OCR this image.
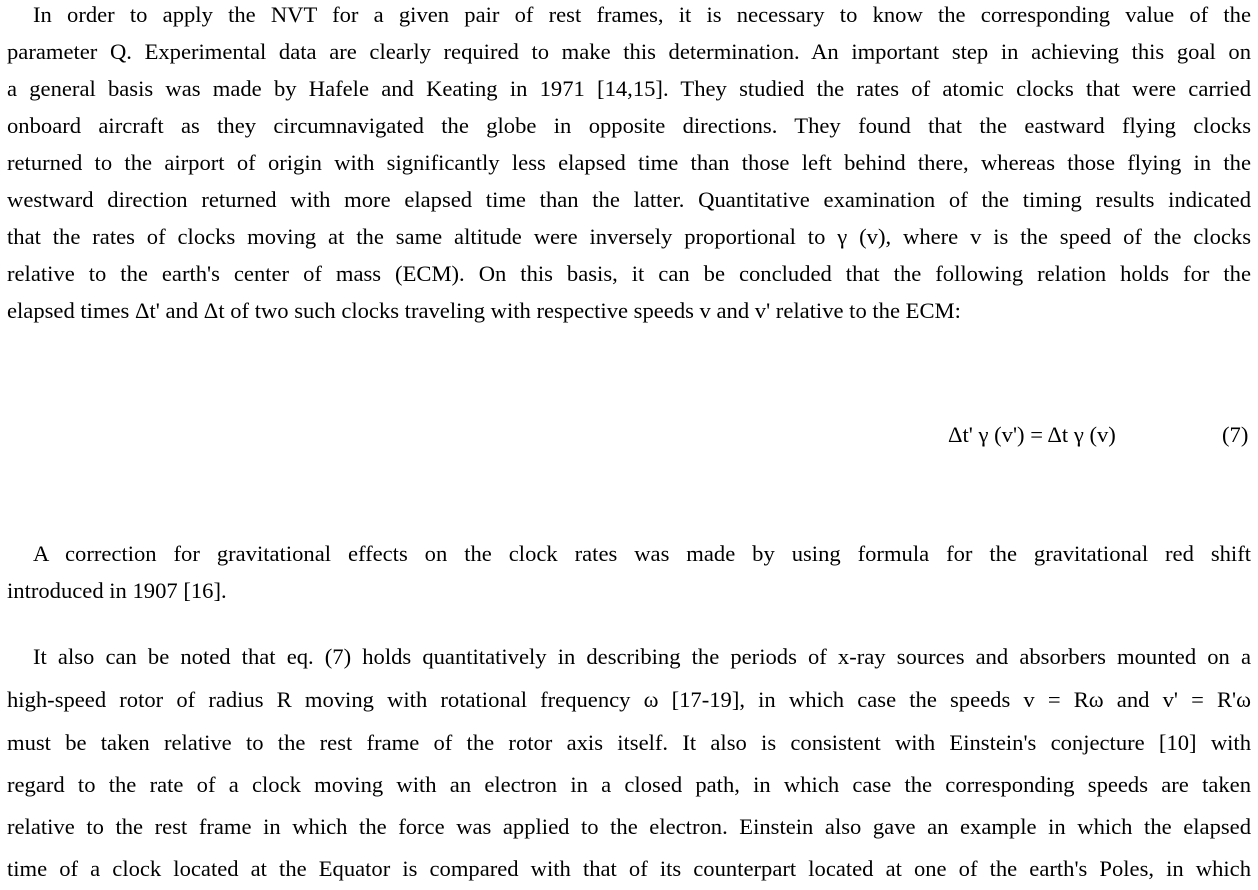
In order to apply the NVT for a given pair of rest frames, it is necessary to know the corresponding value of the
parameter Q. Experimental data are clearly required to make this determination. An important step in achieving this goal on
a general basis was made by Hafele and Keating in 1971 [14,15]. They studied the rates of atomic clocks that were carried
onboard aircraft as they circumnavigated the globe in opposite directions. They found that the eastward flying clocks
returned to the airport of origin with significantly less elapsed time than those left behind there, whereas those flying in the
westward direction returned with more elapsed time than the latter. Quantitative examination of the timing results indicated
that the rates of clocks moving at the same altitude were inversely proportional to γ (v), where v is the speed of the clocks
relative to the earth's center of mass (ECM). On this basis, it can be concluded that the following relation holds for the
elapsed times Δt' and Δt of two such clocks traveling with respective speeds v and v' relative to the ECM:
Δt' γ (v') = Δt γ (v)	(7)
A correction for gravitational effects on the clock rates was made by using formula for the gravitational red shift
introduced in 1907 [16].
It also can be noted that eq. (7) holds quantitatively in describing the periods of x-ray sources and absorbers mounted on a
high-speed rotor of radius R moving with rotational frequency ω [17-19], in which case the speeds v = Rω and v' = R'ω
must be taken relative to the rest frame of the rotor axis itself. It also is consistent with Einstein's conjecture [10] with
regard to the rate of a clock moving with an electron in a closed path, in which case the corresponding speeds are taken
relative to the rest frame in which the force was applied to the electron. Einstein also gave an example in which the elapsed
time of a clock located at the Equator is compared with that of its counterpart located at one of the earth's Poles, in which
